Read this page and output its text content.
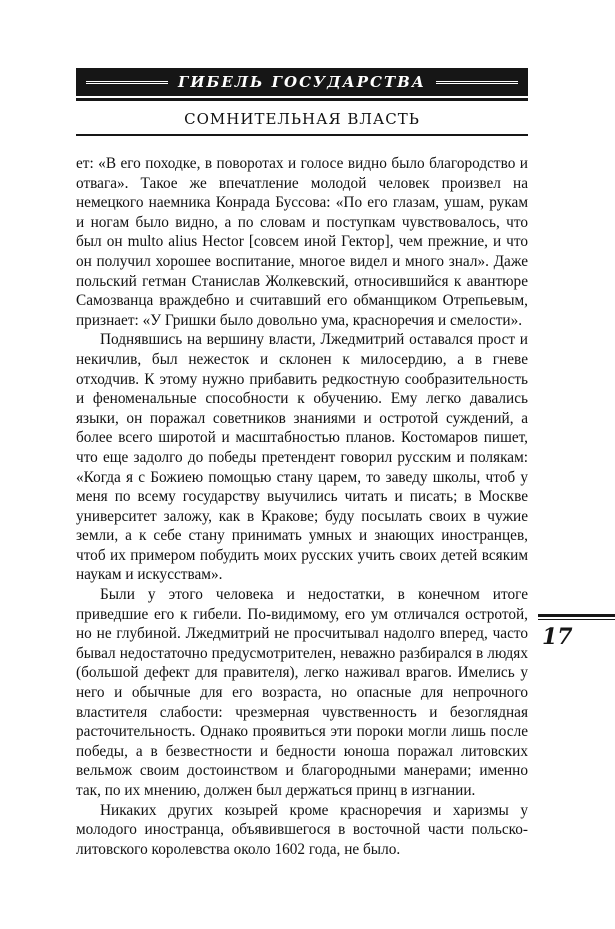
ГИБЕЛЬ ГОСУДАРСТВА
СОМНИТЕЛЬНАЯ ВЛАСТЬ

ет: «В его походке, в поворотах и голосе видно было благородство и отвага». Такое же впечатление молодой человек произвел на немецкого наемника Конрада Буссова: «По его глазам, ушам, рукам и ногам было видно, а по словам и поступкам чувствовалось, что был он multo alius Hector [совсем иной Гектор], чем прежние, и что он получил хорошее воспитание, многое видел и много знал». Даже польский гетман Станислав Жолкевский, относившийся к авантюре Самозванца враждебно и считавший его обманщиком Отрепьевым, признает: «У Гришки было довольно ума, красноречия и смелости».

Поднявшись на вершину власти, Лжедмитрий оставался прост и некичлив, был нежесток и склонен к милосердию, а в гневе отходчив. К этому нужно прибавить редкостную сообразительность и феноменальные способности к обучению. Ему легко давались языки, он поражал советников знаниями и остротой суждений, а более всего широтой и масштабностью планов. Костомаров пишет, что еще задолго до победы претендент говорил русским и полякам: «Когда я с Божиею помощью стану царем, то заведу школы, чтоб у меня по всему государству выучились читать и писать; в Москве университет заложу, как в Кракове; буду посылать своих в чужие земли, а к себе стану принимать умных и знающих иностранцев, чтоб их примером побудить моих русских учить своих детей всяким наукам и искусствам».

Были у этого человека и недостатки, в конечном итоге приведшие его к гибели. По-видимому, его ум отличался остротой, но не глубиной. Лжедмитрий не просчитывал надолго вперед, часто бывал недостаточно предусмотрителен, неважно разбирался в людях (большой дефект для правителя), легко наживал врагов. Имелись у него и обычные для его возраста, но опасные для непрочного властителя слабости: чрезмерная чувственность и безоглядная расточительность. Однако проявиться эти пороки могли лишь после победы, а в безвестности и бедности юноша поражал литовских вельмож своим достоинством и благородными манерами; именно так, по их мнению, должен был держаться принц в изгнании.

Никаких других козырей кроме красноречия и харизмы у молодого иностранца, объявившегося в восточной части польско-литовского королевства около 1602 года, не было.

17
